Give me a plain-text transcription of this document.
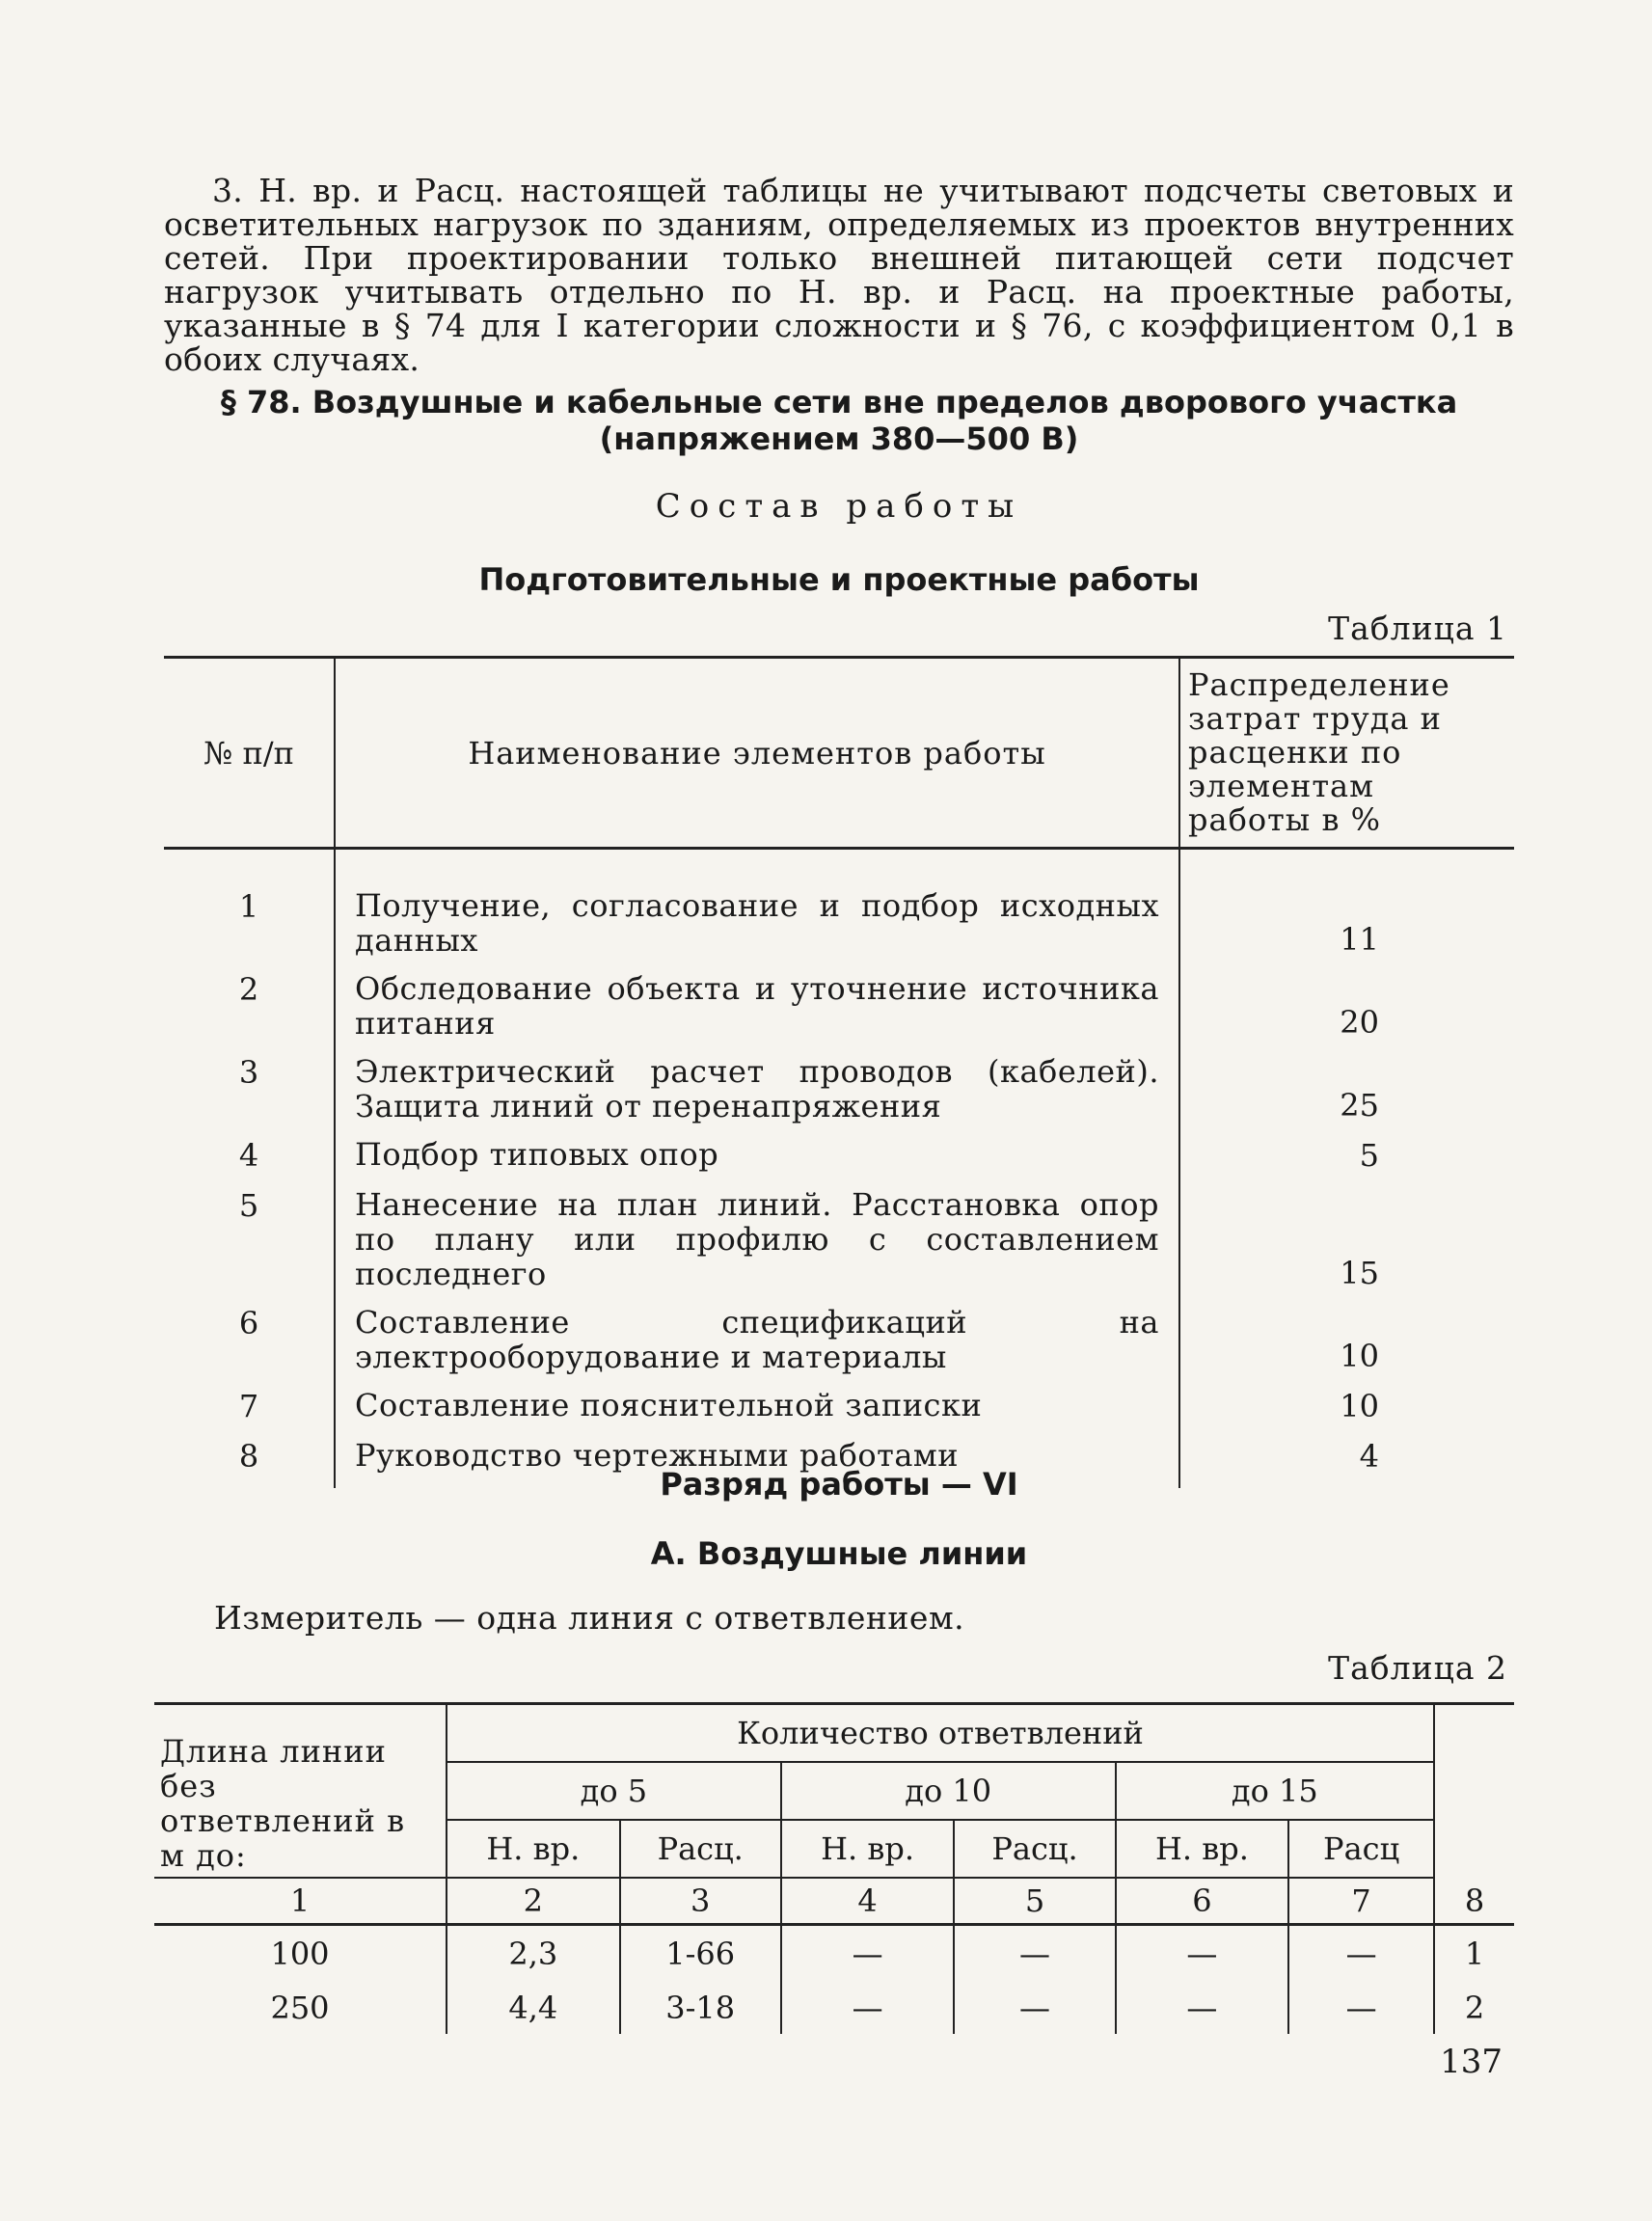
3. Н. вр. и Расц. настоящей таблицы не учитывают подсчеты световых и осветительных нагрузок по зданиям, определяемых из проектов внутренних сетей. При проектировании только внешней питающей сети подсчет нагрузок учитывать отдельно по Н. вр. и Расц. на проектные работы, указанные в § 74 для I категории сложности и § 76, с коэффициентом 0,1 в обоих случаях.

§ 78. Воздушные и кабельные сети вне пределов дворового участка
(напряжением 380—500 В)
Состав работы
Подготовительные и проектные работы
Таблица 1
№ п/п	Наименование элементов работы	Распределение затрат труда и расценки по элементам работы в %
1	Получение, согласование и подбор исходных данных	11
2	Обследование объекта и уточнение источника питания	20
3	Электрический расчет проводов (кабелей). Защита линий от перенапряжения	25
4	Подбор типовых опор	5
5	Нанесение на план линий. Расстановка опор по плану или профилю с составлением последнего	15
6	Составление спецификаций на электрооборудование и материалы	10
7	Составление пояснительной записки	10
8	Руководство чертежными работами	4
Разряд работы — VI
А. Воздушные линии
Измеритель — одна линия с ответвлением.
Таблица 2
Длина линии без ответвлений в м до:	Количество ответвлений						
	до 5		до 10		до 15		
	Н. вр.	Расц.	Н. вр.	Расц.	Н. вр.	Расц	
1	2	3	4	5	6	7	8
100	2,3	1-66	—	—	—	—	1
250	4,4	3-18	—	—	—	—	2
137
